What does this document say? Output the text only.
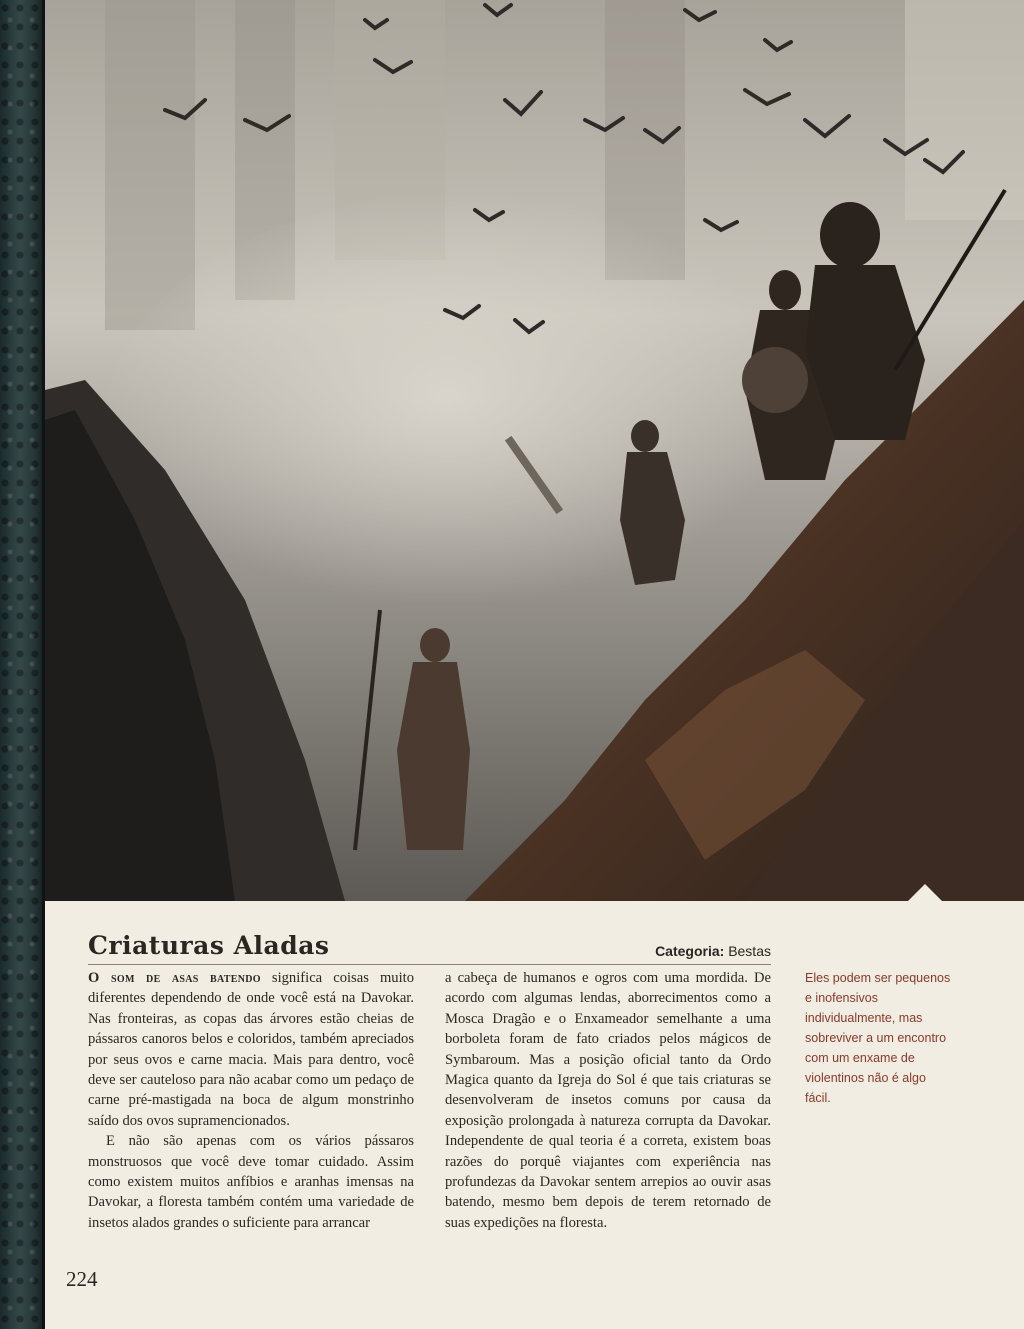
Criaturas Aladas	Categoria: Bestas

O som de asas batendo significa coisas muito diferentes dependendo de onde você está na Davokar. Nas fronteiras, as copas das árvores estão cheias de pássaros canoros belos e coloridos, também apreciados por seus ovos e carne macia. Mais para dentro, você deve ser cauteloso para não acabar como um pedaço de carne pré-mastigada na boca de algum monstrinho saído dos ovos supramencionados.

E não são apenas com os vários pássaros monstruosos que você deve tomar cuidado. Assim como existem muitos anfíbios e aranhas imensas na Davokar, a floresta também contém uma variedade de insetos alados grandes o suficiente para arrancar

a cabeça de humanos e ogros com uma mordida. De acordo com algumas lendas, aborrecimentos como a Mosca Dragão e o Enxameador semelhante a uma borboleta foram de fato criados pelos mágicos de Symbaroum. Mas a posição oficial tanto da Ordo Magica quanto da Igreja do Sol é que tais criaturas se desenvolveram de insetos comuns por causa da exposição prolongada à natureza corrupta da Davokar. Independente de qual teoria é a correta, existem boas razões do porquê viajantes com experiência nas profundezas da Davokar sentem arrepios ao ouvir asas batendo, mesmo bem depois de terem retornado de suas expedições na floresta.

Eles podem ser pequenos e inofensivos individualmente, mas sobreviver a um encontro com um enxame de violentinos não é algo fácil.
224
